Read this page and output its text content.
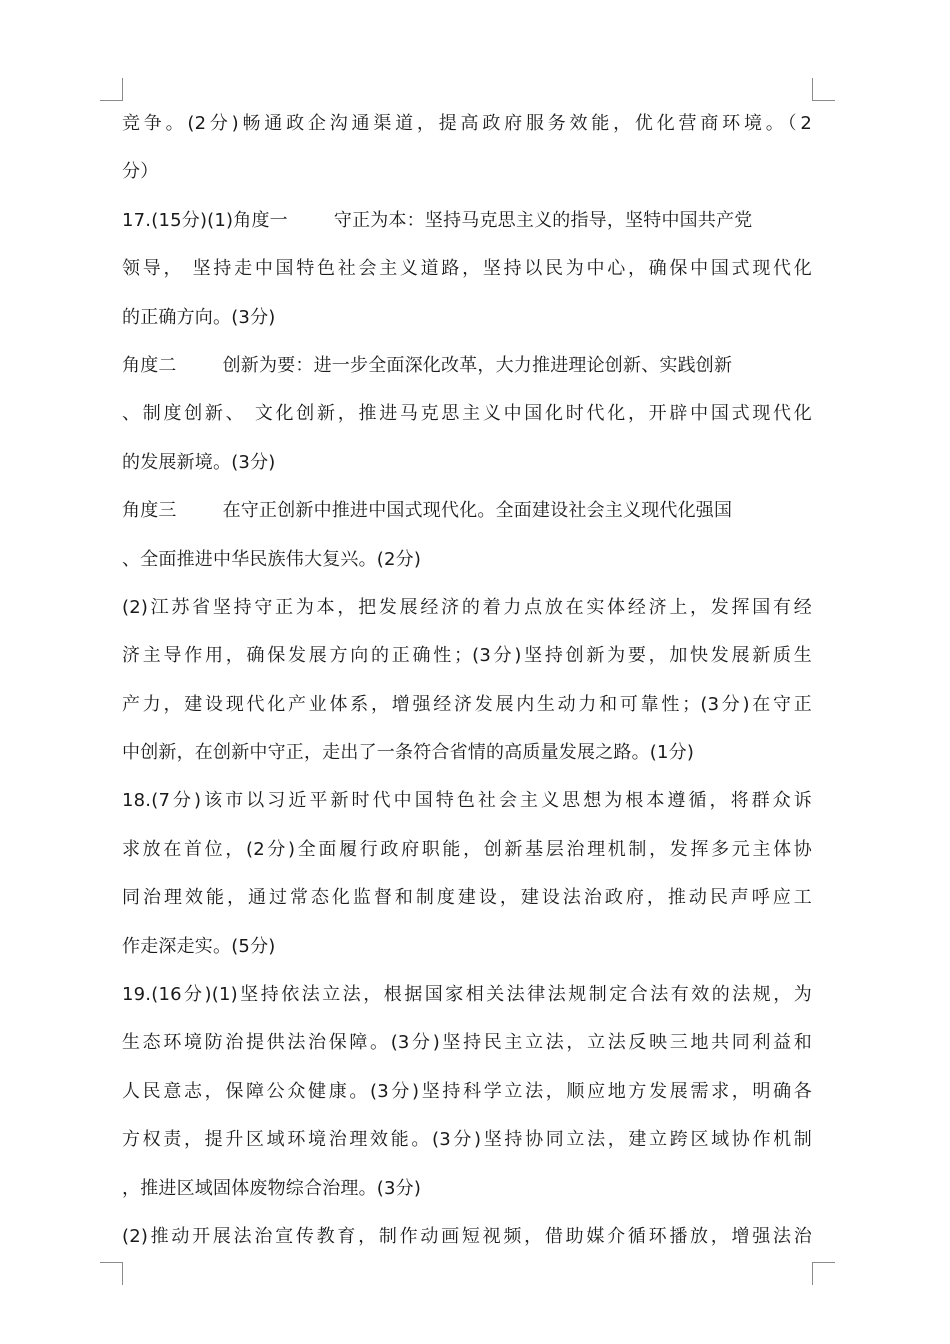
竞争。(2分)畅通政企沟通渠道，提高政府服务效能，优化营商环境。（2
分）
17.(15分)(1)角度一	守正为本：坚持马克思主义的指导，坚特中国共产党
领导， 坚持走中国特色社会主义道路，坚持以民为中心，确保中国式现代化
的正确方向。(3分)
角度二	创新为要：进一步全面深化改革，大力推进理论创新、实践创新
、制度创新、 文化创新，推进马克思主义中国化时代化，开辟中国式现代化
的发展新境。(3分)
角度三	在守正创新中推进中国式现代化。全面建设社会主义现代化强国
、全面推进中华民族伟大复兴。(2分)
(2)江苏省坚持守正为本，把发展经济的着力点放在实体经济上，发挥国有经
济主导作用，确保发展方向的正确性；(3分)坚持创新为要，加快发展新质生
产力，建设现代化产业体系，增强经济发展内生动力和可靠性；(3分)在守正
中创新，在创新中守正，走出了一条符合省情的高质量发展之路。(1分)
18.(7分)该市以习近平新时代中国特色社会主义思想为根本遵循，将群众诉
求放在首位，(2分)全面履行政府职能，创新基层治理机制，发挥多元主体协
同治理效能，通过常态化监督和制度建设，建设法治政府，推动民声呼应工
作走深走实。(5分)
19.(16分)(1)坚持依法立法，根据国家相关法律法规制定合法有效的法规，为
生态环境防治提供法治保障。(3分)坚持民主立法，立法反映三地共同利益和
人民意志，保障公众健康。(3分)坚持科学立法，顺应地方发展需求，明确各
方权责，提升区域环境治理效能。(3分)坚持协同立法，建立跨区域协作机制
，推进区域固体废物综合治理。(3分)
(2)推动开展法治宣传教育，制作动画短视频，借助媒介循环播放，增强法治
